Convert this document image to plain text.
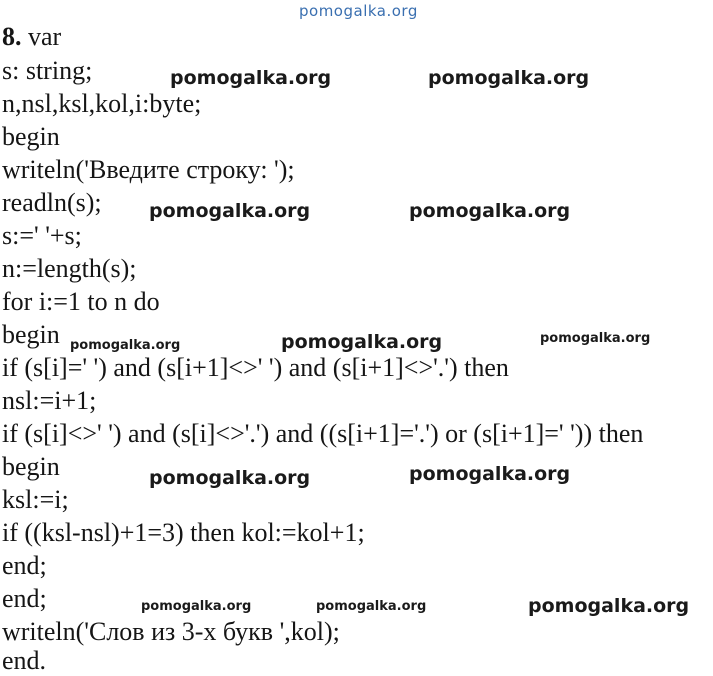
pomogalka.org

8. var

s: string;

n,nsl,ksl,kol,i:byte;

begin

writeln('Введите строку: ');

readln(s);

s:=' '+s;

n:=length(s);

for i:=1 to n do

begin

if (s[i]=' ') and (s[i+1]<>' ') and (s[i+1]<>'.') then

nsl:=i+1;

if (s[i]<>' ') and (s[i]<>'.') and ((s[i+1]='.') or (s[i+1]=' ')) then

begin

ksl:=i;

if ((ksl-nsl)+1=3) then kol:=kol+1;

end;

end;

writeln('Слов из 3-х букв ',kol);

end.

pomogalka.org	pomogalka.org
pomogalka.org	pomogalka.org
pomogalka.org	pomogalka.org	pomogalka.org
pomogalka.org	pomogalka.org
pomogalka.org	pomogalka.org	pomogalka.org
